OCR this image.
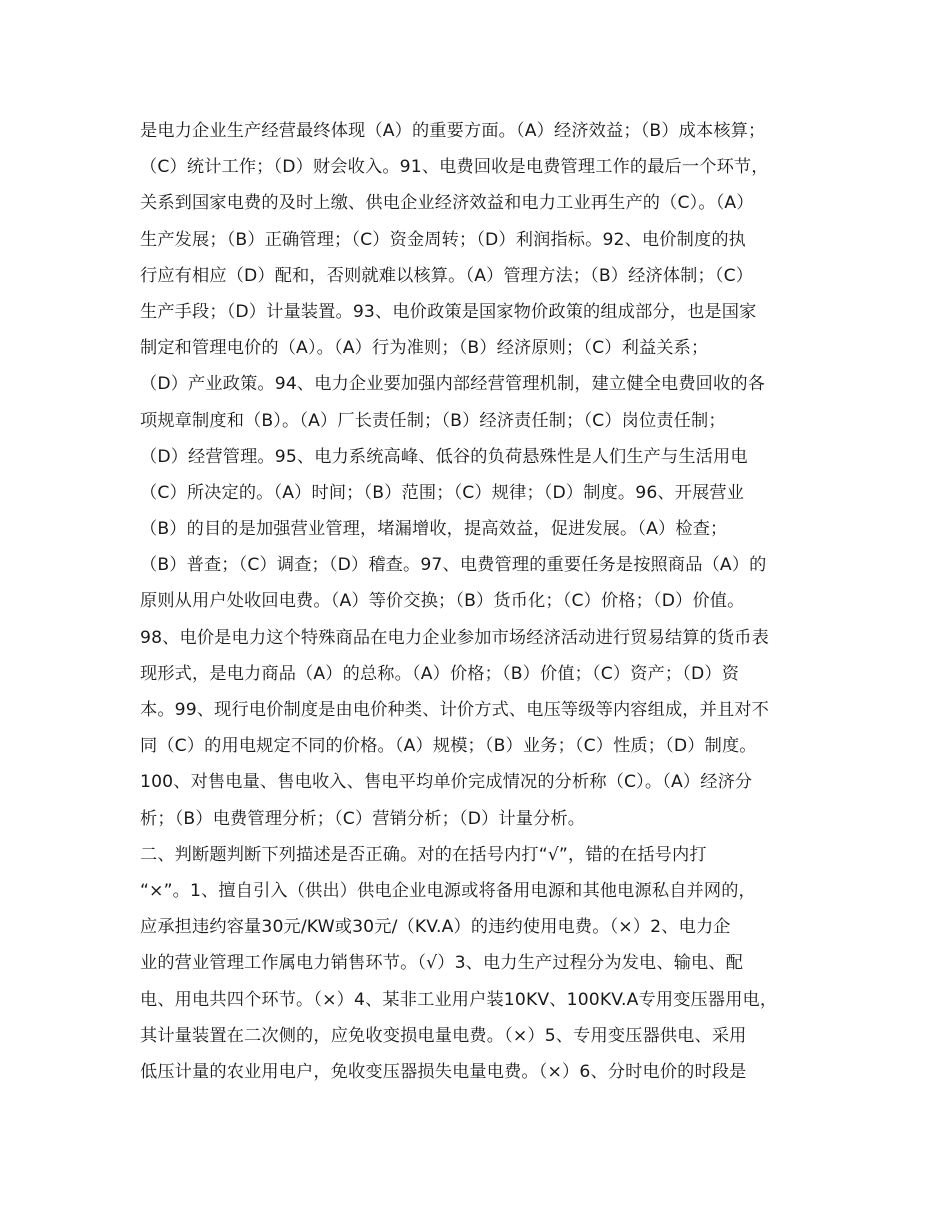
是电力企业生产经营最终体现（A）的重要方面。（A）经济效益；（B）成本核算；
（C）统计工作；（D）财会收入。91、电费回收是电费管理工作的最后一个环节，
关系到国家电费的及时上缴、供电企业经济效益和电力工业再生产的（C）。（A）
生产发展；（B）正确管理；（C）资金周转；（D）利润指标。92、电价制度的执
行应有相应（D）配和，否则就难以核算。（A）管理方法；（B）经济体制；（C）
生产手段；（D）计量装置。93、电价政策是国家物价政策的组成部分，也是国家
制定和管理电价的（A）。（A）行为准则；（B）经济原则；（C）利益关系；
（D）产业政策。94、电力企业要加强内部经营管理机制，建立健全电费回收的各
项规章制度和（B）。（A）厂长责任制；（B）经济责任制；（C）岗位责任制；
（D）经营管理。95、电力系统高峰、低谷的负荷悬殊性是人们生产与生活用电
（C）所决定的。（A）时间；（B）范围；（C）规律；（D）制度。96、开展营业
（B）的目的是加强营业管理，堵漏增收，提高效益，促进发展。（A）检查；
（B）普查；（C）调查；（D）稽查。97、电费管理的重要任务是按照商品（A）的
原则从用户处收回电费。（A）等价交换；（B）货币化；（C）价格；（D）价值。
98、电价是电力这个特殊商品在电力企业参加市场经济活动进行贸易结算的货币表
现形式，是电力商品（A）的总称。（A）价格；（B）价值；（C）资产；（D）资
本。99、现行电价制度是由电价种类、计价方式、电压等级等内容组成，并且对不
同（C）的用电规定不同的价格。（A）规模；（B）业务；（C）性质；（D）制度。
100、对售电量、售电收入、售电平均单价完成情况的分析称（C）。（A）经济分
析；（B）电费管理分析；（C）营销分析；（D）计量分析。
二、判断题判断下列描述是否正确。对的在括号内打“√”，错的在括号内打
“×”。1、擅自引入（供出）供电企业电源或将备用电源和其他电源私自并网的，
应承担违约容量30元/KW或30元/（KV.A）的违约使用电费。（×）2、电力企
业的营业管理工作属电力销售环节。（√）3、电力生产过程分为发电、输电、配
电、用电共四个环节。（×）4、某非工业用户装10KV、100KV.A专用变压器用电，
其计量装置在二次侧的，应免收变损电量电费。（×）5、专用变压器供电、采用
低压计量的农业用电户，免收变压器损失电量电费。（×）6、分时电价的时段是
